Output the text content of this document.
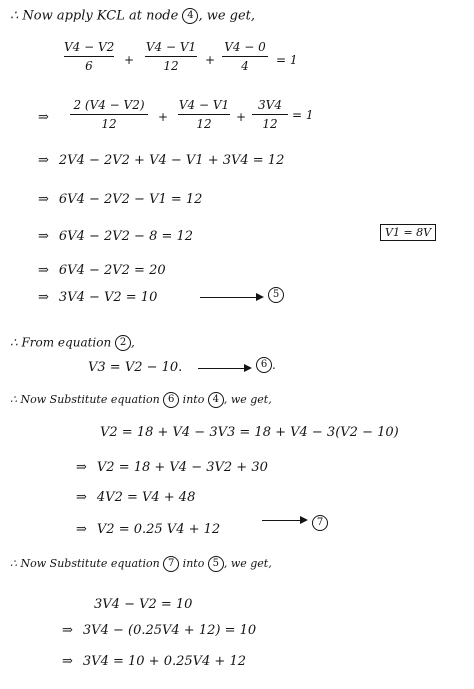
∴ Now apply KCL at node 4 , we get,
V4 − V2
6	+
V4 − V1
12	+
V4 − 0
4	= 1
⇒
2 (V4 − V2)
12	+
V4 − V1
12	+
3V4
12
= 1
⇒ 2V4 − 2V2 + V4 − V1 + 3V4 = 12
⇒ 6V4 − 2V2 − V1 = 12
⇒ 6V4 − 2V2 − 8 = 12	V1 = 8V
⇒ 6V4 − 2V2 = 20
⇒ 3V4 − V2 = 10	5
∴ From equation 2 ,
V3 = V2 − 10.	6 .
∴ Now Substitute equation 6 into 4 , we get,
V2 = 18 + V4 − 3V3 = 18 + V4 − 3(V2 − 10)
⇒ V2 = 18 + V4 − 3V2 + 30
⇒ 4V2 = V4 + 48
⇒ V2 = 0.25 V4 + 12	7
∴ Now Substitute equation 7 into 5 , we get,
3V4 − V2 = 10
⇒ 3V4 − (0.25V4 + 12) = 10
⇒ 3V4 = 10 + 0.25V4 + 12
